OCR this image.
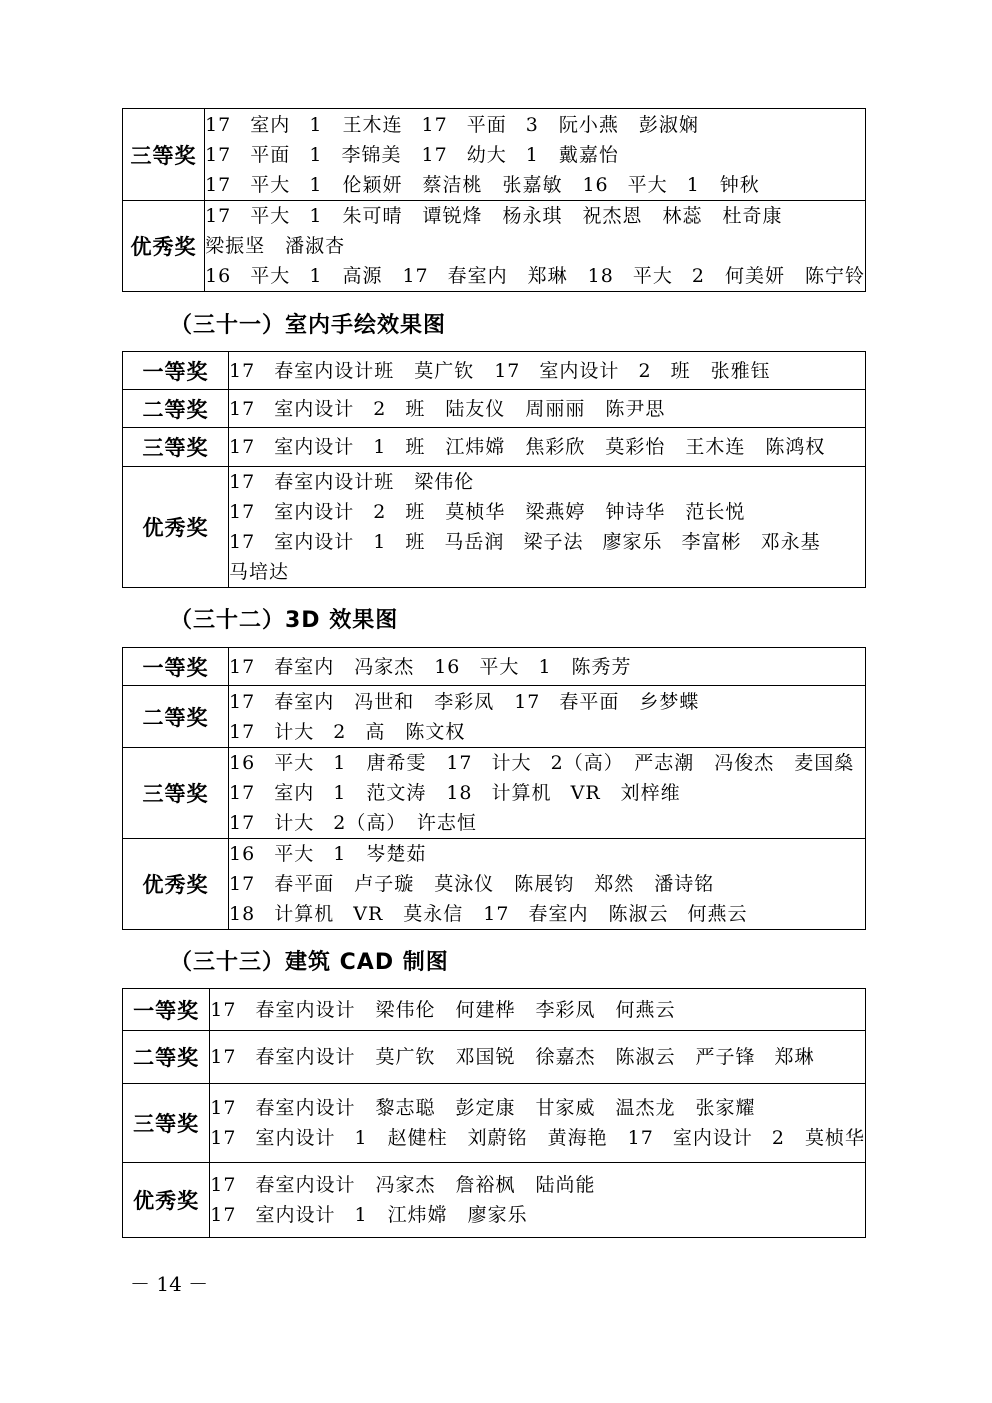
三等奖	17 室内 1　王木连 17 平面 3　阮小燕　彭淑娴
17 平面 1 李锦美　17 幼大 1　戴嘉怡
17 平大 1　伦颖妍　蔡洁桃　张嘉敏　16 平大 1　钟秋

优秀奖	17 平大 1　朱可晴　谭锐烽　杨永琪　祝杰恩　林蕊　杜奇康
梁振坚　潘淑杏
16 平大 1　高源　17 春室内　郑琳　18 平大 2　何美妍　陈宁铃
（三十一）室内手绘效果图
一等奖	17 春室内设计班　莫广钦　17 室内设计 2 班　张雅钰

二等奖	17 室内设计 2 班　陆友仪　周丽丽　陈尹思

三等奖	17 室内设计 1 班　江炜嫦　焦彩欣　莫彩怡　王木连　陈鸿权

优秀奖	17 春室内设计班　梁伟伦
17 室内设计 2 班　莫桢华　梁燕婷　钟诗华　范长悦
17 室内设计 1 班 马岳润 梁子法 廖家乐 李富彬 邓永基
马培达
（三十二）3D 效果图
一等奖	17 春室内　冯家杰　16 平大 1　陈秀芳

二等奖	17 春室内　冯世和　李彩凤　17 春平面　乡梦蝶
17 计大 2 高　陈文权

三等奖	16 平大 1　唐希雯　17 计大 2（高）　严志潮　冯俊杰　麦国燊
17 室内 1　范文涛　18 计算机 VR　刘梓维
17 计大 2（高）　许志恒

优秀奖	16 平大 1　岑楚茹
17 春平面　卢子璇　莫泳仪　陈展钧　郑然　潘诗铭
18 计算机 VR　莫永信　17 春室内　陈淑云 何燕云
（三十三）建筑 CAD 制图
一等奖	17 春室内设计　梁伟伦　何建桦　李彩凤　何燕云

二等奖	17 春室内设计　莫广钦　邓国锐　徐嘉杰　陈淑云　严子锋 郑琳

三等奖	17 春室内设计　黎志聪　彭定康　甘家威　温杰龙　张家耀
17 室内设计 1　赵健柱　刘蔚铭　黄海艳　17 室内设计 2　莫桢华

优秀奖	17 春室内设计　冯家杰　詹裕枫　陆尚能
17 室内设计 1　江炜嫦　廖家乐
－ 14 －
